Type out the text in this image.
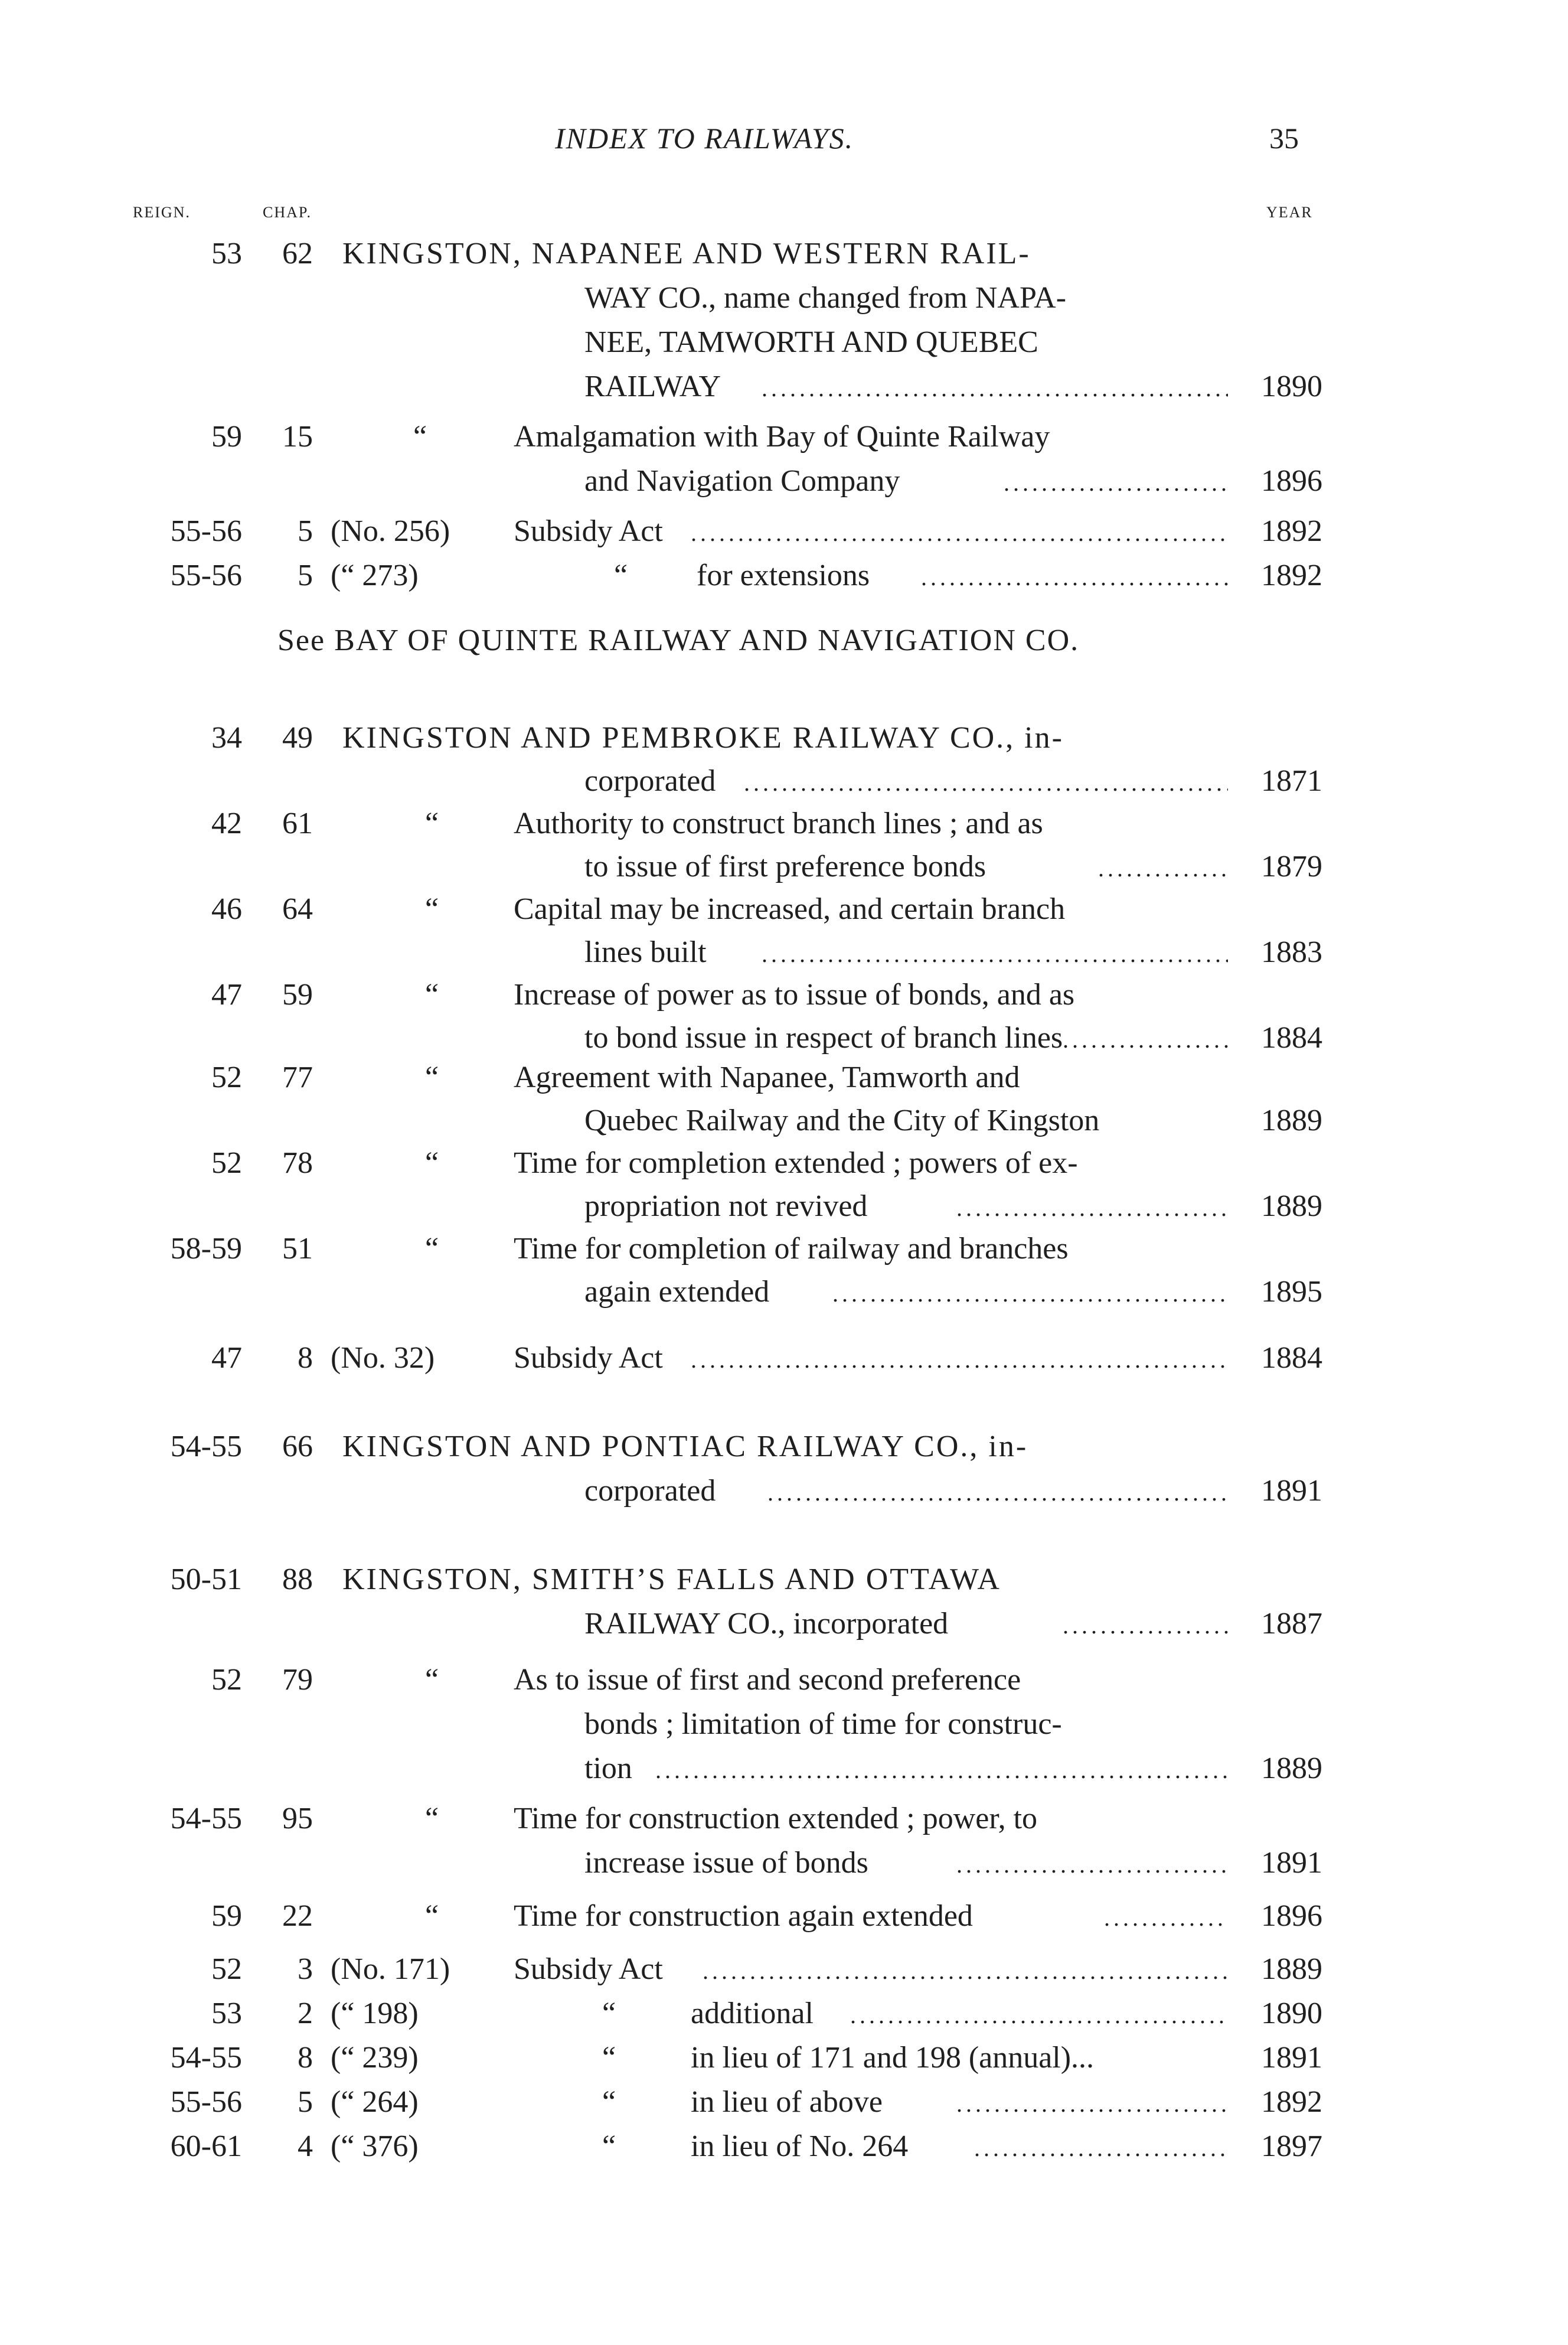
INDEX TO RAILWAYS.	35
REIGN.	CHAP.	YEAR
53	62 KINGSTON, NAPANEE AND WESTERN RAIL-
WAY CO., name changed from NAPA-
NEE, TAMWORTH AND QUEBEC
RAILWAY . . .	1890
59	15	“	Amalgamation with Bay of Quinte Railway
and Navigation Company . . .	1896
55-56	5 (No. 256) Subsidy Act . . .	1892
55-56	5 (“ 273)	“ for extensions . . .	1892
See BAY OF QUINTE RAILWAY AND NAVIGATION CO.
34	49 KINGSTON AND PEMBROKE RAILWAY CO., in-
corporated . . .	1871
42	61	“ Authority to construct branch lines ; and as
to issue of first preference bonds . . .	1879
46	64	“ Capital may be increased, and certain branch
lines built . . .	1883
47	59	“ Increase of power as to issue of bonds, and as
to bond issue in respect of branch lines . . .	1884
52	77	“ Agreement with Napanee, Tamworth and
Quebec Railway and the City of Kingston	1889
52	78	“ Time for completion extended ; powers of ex-
propriation not revived . . .	1889
58-59	51	“ Time for completion of railway and branches
again extended . . .	1895
47	8 (No. 32)	Subsidy Act . . .	1884
54-55	66 KINGSTON AND PONTIAC RAILWAY CO., in-
corporated . . .	1891
50-51	88 KINGSTON, SMITH’S FALLS AND OTTAWA
RAILWAY CO., incorporated . . .	1887
52	79	“ As to issue of first and second preference
bonds ; limitation of time for construc-
tion . . .	1889
54-55	95	“ Time for construction extended ; power, to
increase issue of bonds . . .	1891
59	22	“ Time for construction again extended . . .	1896
52	3 (No. 171) Subsidy Act . . .	1889
53	2 (“ 198)	“ additional . . .	1890
54-55	8 (“ 239)	“ in lieu of 171 and 198 (annual)...	1891
55-56	5 (“ 264)	“ in lieu of above . . .	1892
60-61	4 (“ 376)	“ in lieu of No. 264 . . .	1897
